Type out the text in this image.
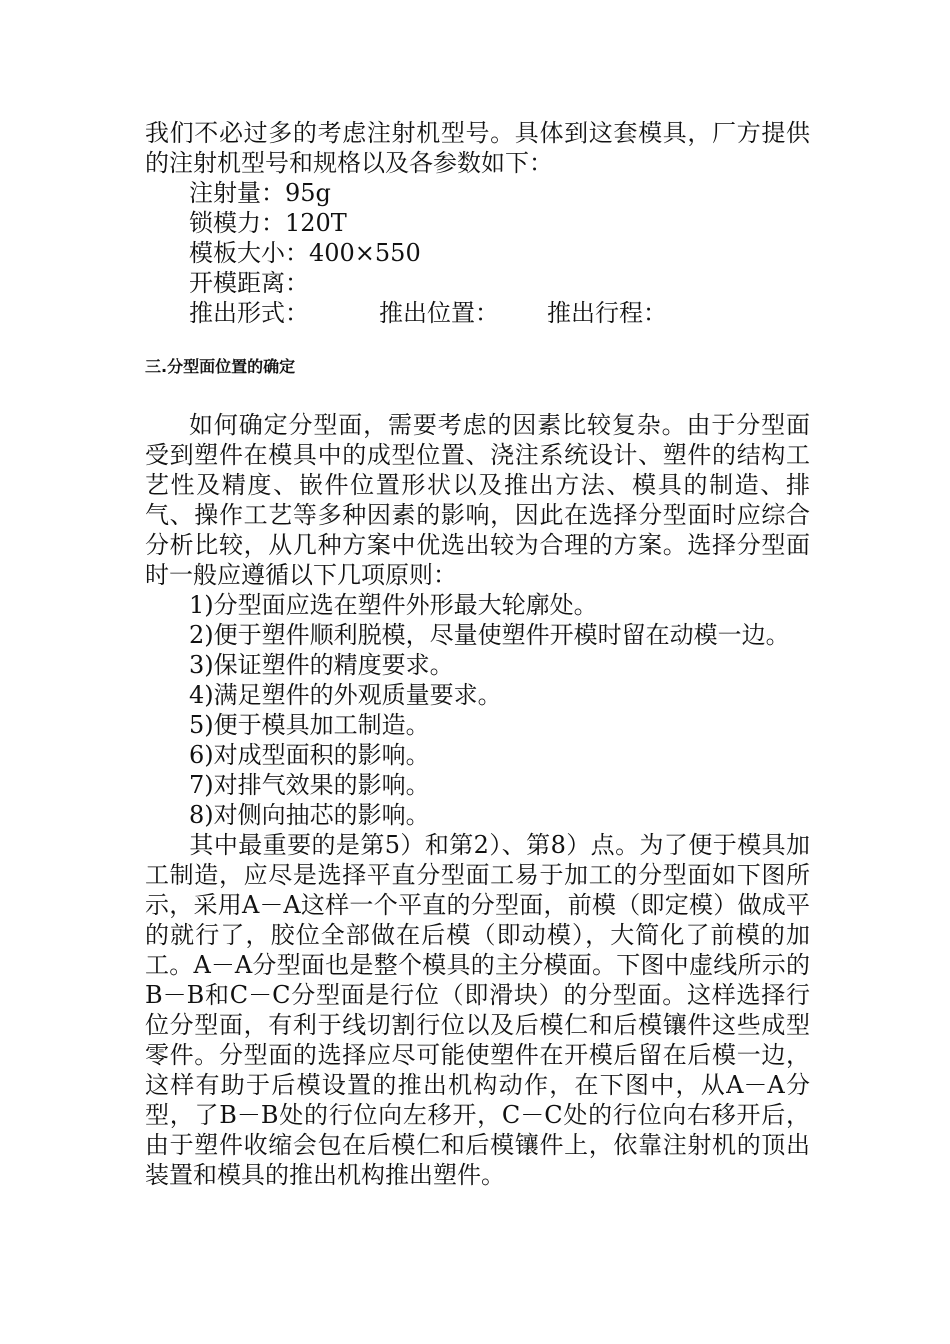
我们不必过多的考虑注射机型号。具体到这套模具，厂方提供的注射机型号和规格以及各参数如下：

注射量：95g

锁模力：120T

模板大小：400×550

开模距离：

推出形式：	推出位置： 推出行程：

三.分型面位置的确定

如何确定分型面，需要考虑的因素比较复杂。由于分型面受到塑件在模具中的成型位置、浇注系统设计、塑件的结构工艺性及精度、嵌件位置形状以及推出方法、模具的制造、排气、操作工艺等多种因素的影响，因此在选择分型面时应综合分析比较，从几种方案中优选出较为合理的方案。选择分型面时一般应遵循以下几项原则：

1)分型面应选在塑件外形最大轮廓处。

2)便于塑件顺利脱模，尽量使塑件开模时留在动模一边。

3)保证塑件的精度要求。

4)满足塑件的外观质量要求。

5)便于模具加工制造。

6)对成型面积的影响。

7)对排气效果的影响。

8)对侧向抽芯的影响。

其中最重要的是第5）和第2）、第8）点。为了便于模具加工制造，应尽是选择平直分型面工易于加工的分型面如下图所示，采用A－A这样一个平直的分型面，前模（即定模）做成平的就行了，胶位全部做在后模（即动模），大简化了前模的加工。A－A分型面也是整个模具的主分模面。下图中虚线所示的B－B和C－C分型面是行位（即滑块）的分型面。这样选择行位分型面，有利于线切割行位以及后模仁和后模镶件这些成型零件。分型面的选择应尽可能使塑件在开模后留在后模一边，这样有助于后模设置的推出机构动作，在下图中，从A－A分型，了B－B处的行位向左移开，C－C处的行位向右移开后，由于塑件收缩会包在后模仁和后模镶件上，依靠注射机的顶出装置和模具的推出机构推出塑件。
